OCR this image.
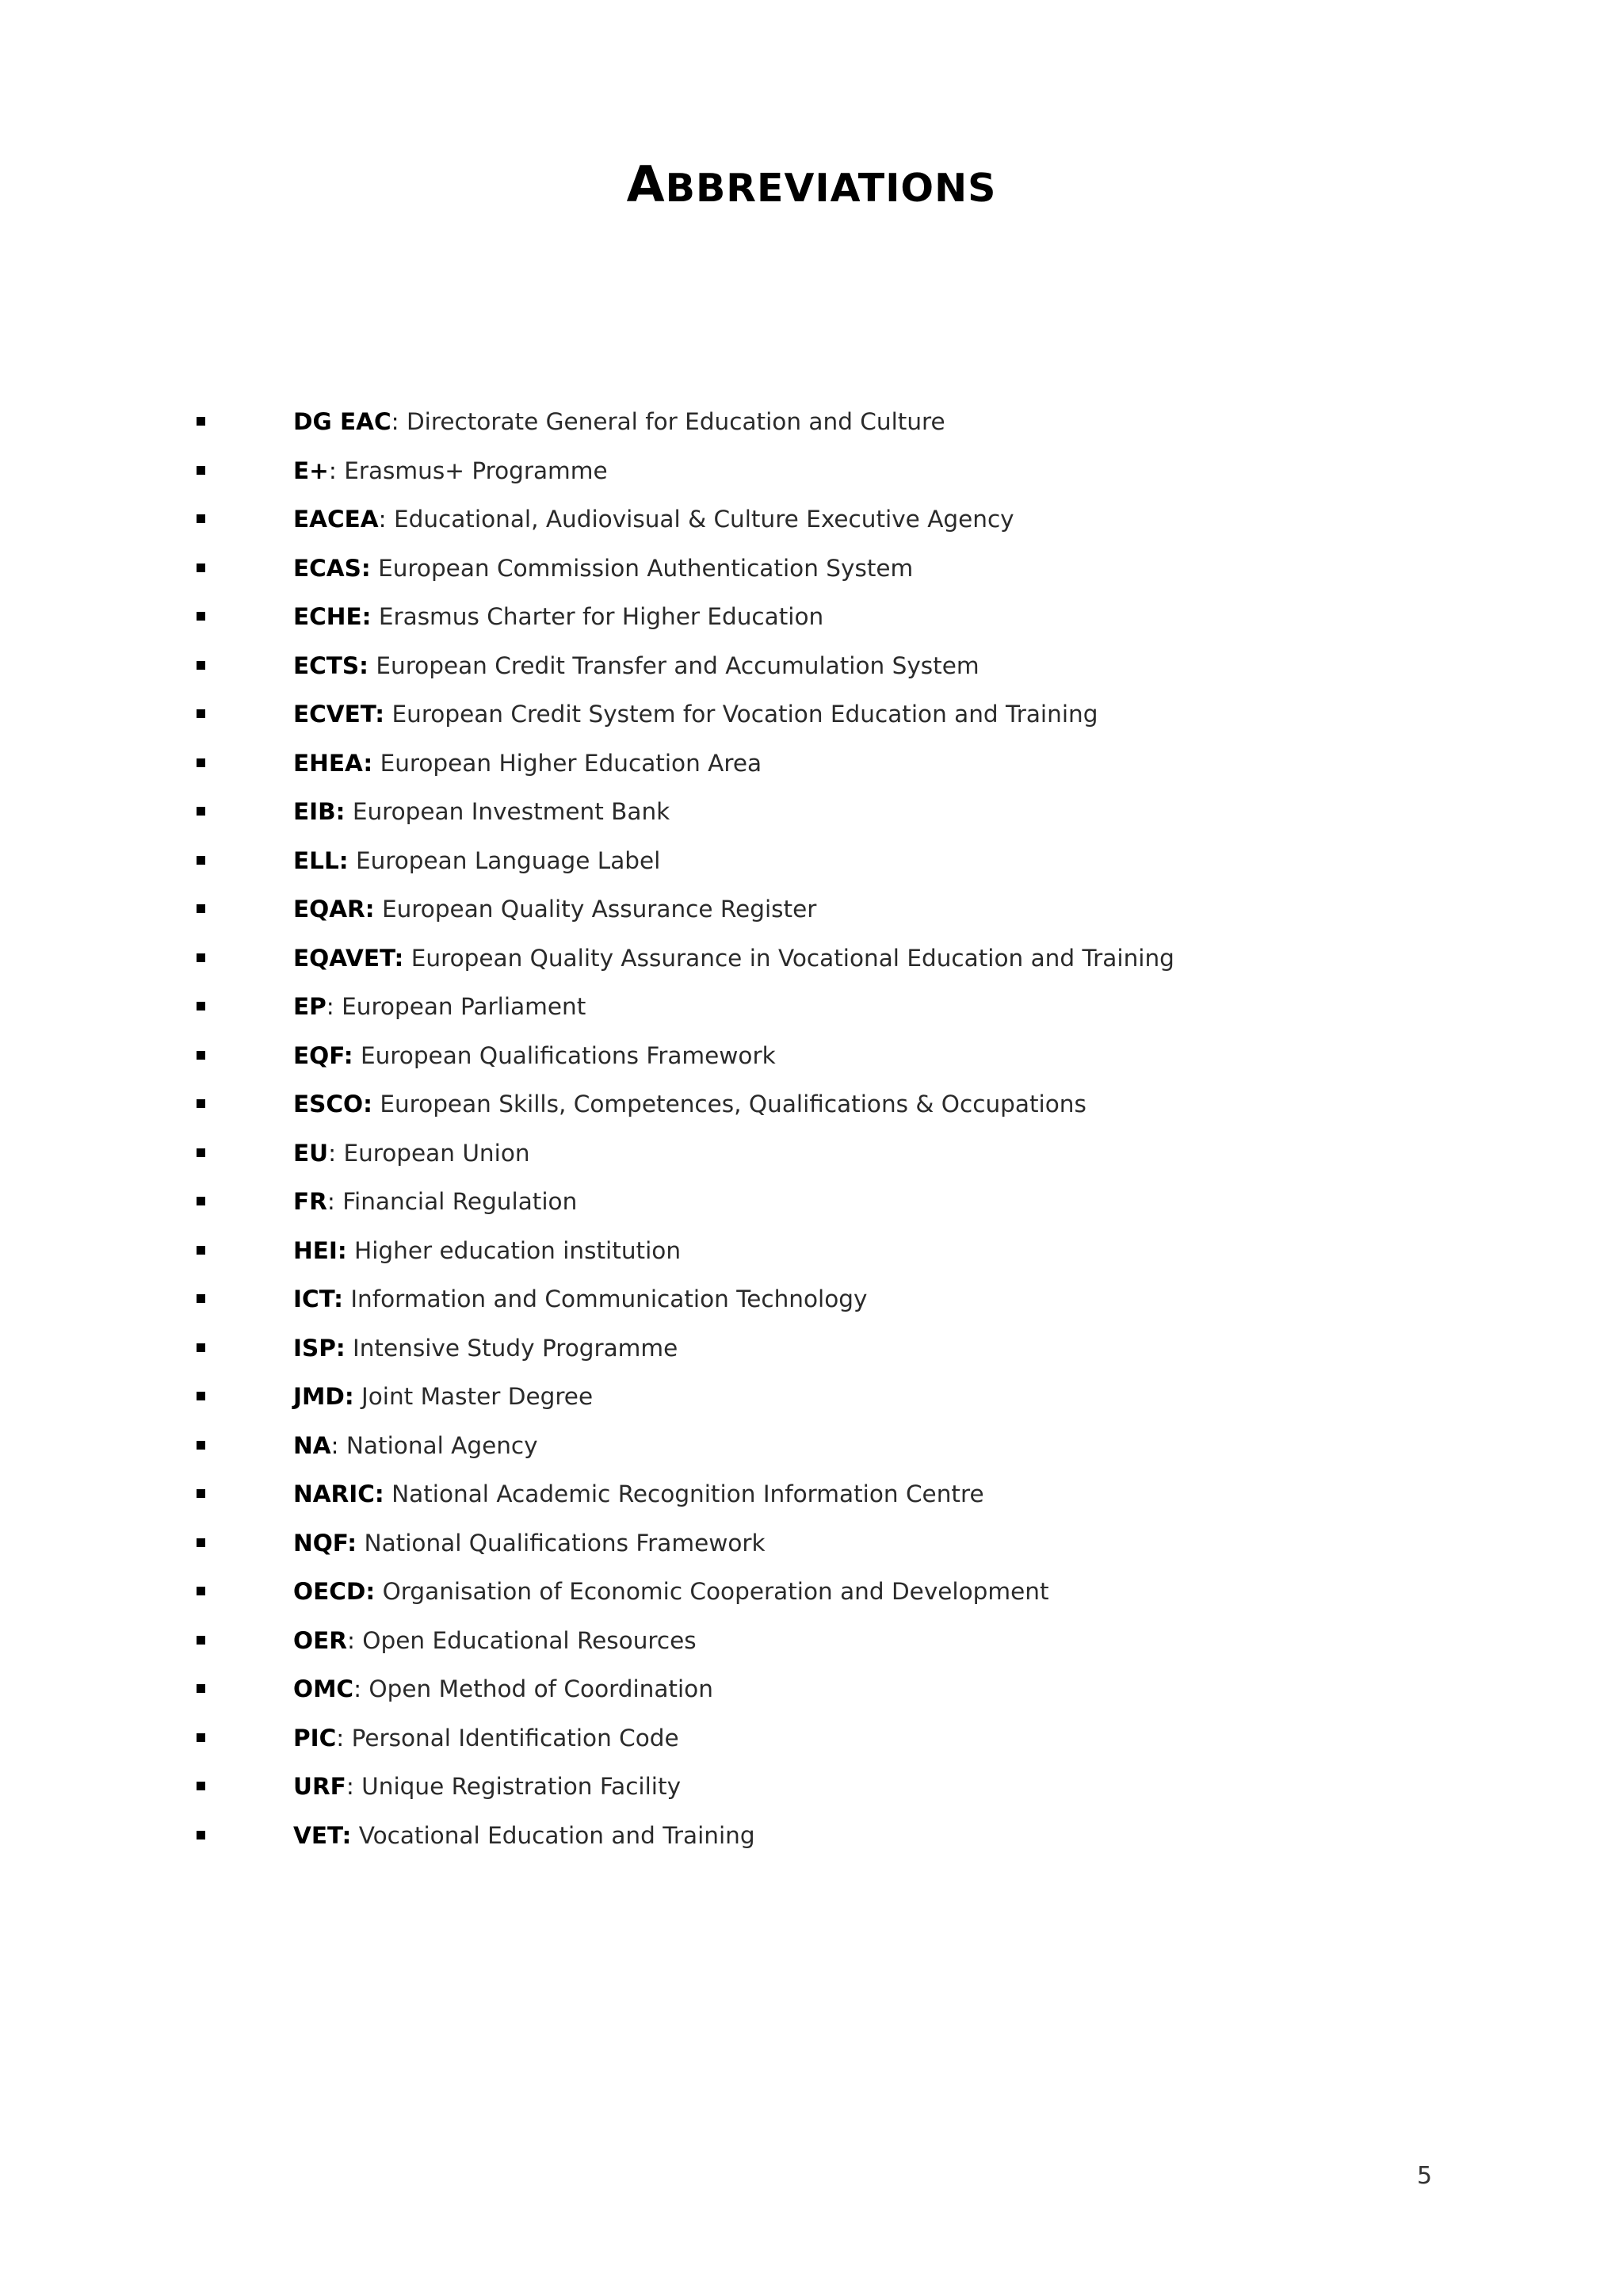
ABBREVIATIONS
DG EAC: Directorate General for Education and Culture
E+: Erasmus+ Programme
EACEA: Educational, Audiovisual & Culture Executive Agency
ECAS: European Commission Authentication System
ECHE: Erasmus Charter for Higher Education
ECTS: European Credit Transfer and Accumulation System
ECVET: European Credit System for Vocation Education and Training
EHEA: European Higher Education Area
EIB: European Investment Bank
ELL: European Language Label
EQAR: European Quality Assurance Register
EQAVET: European Quality Assurance in Vocational Education and Training
EP: European Parliament
EQF: European Qualifications Framework
ESCO: European Skills, Competences, Qualifications & Occupations
EU: European Union
FR: Financial Regulation
HEI: Higher education institution
ICT: Information and Communication Technology
ISP: Intensive Study Programme
JMD: Joint Master Degree
NA: National Agency
NARIC: National Academic Recognition Information Centre
NQF: National Qualifications Framework
OECD: Organisation of Economic Cooperation and Development
OER: Open Educational Resources
OMC: Open Method of Coordination
PIC: Personal Identification Code
URF: Unique Registration Facility
VET: Vocational Education and Training
5
